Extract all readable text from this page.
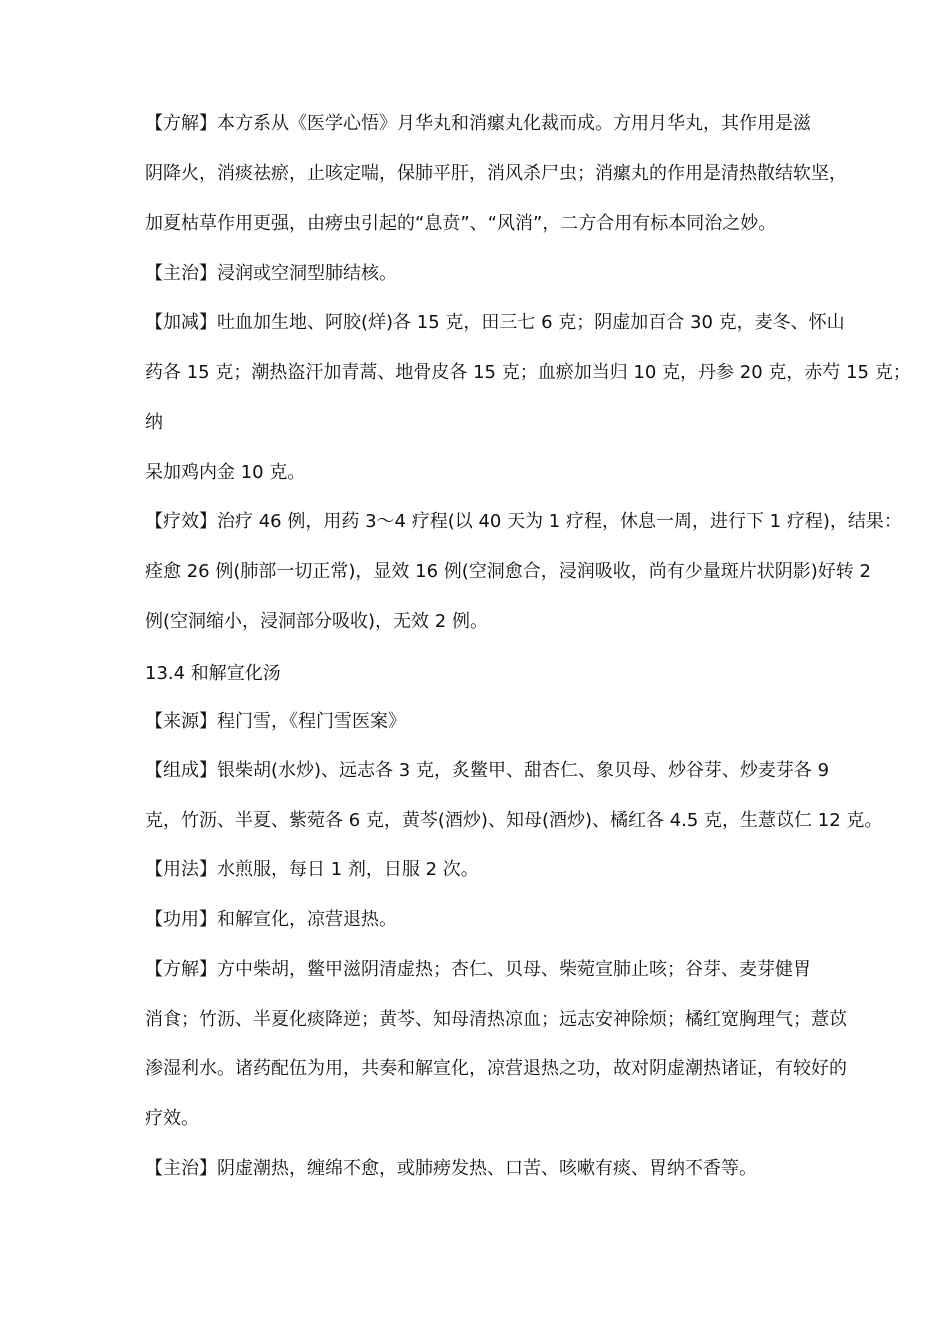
【方解】本方系从《医学心悟》月华丸和消瘰丸化裁而成。方用月华丸，其作用是滋
阴降火，消痰祛瘀，止咳定喘，保肺平肝，消风杀尸虫；消瘰丸的作用是清热散结软坚，
加夏枯草作用更强，由痨虫引起的“息贲”、“风消”，二方合用有标本同治之妙。
【主治】浸润或空洞型肺结核。
【加减】吐血加生地、阿胶(烊)各 15 克，田三七 6 克；阴虚加百合 30 克，麦冬、怀山
药各 15 克；潮热盗汗加青蒿、地骨皮各 15 克；血瘀加当归 10 克，丹参 20 克，赤芍 15 克；
纳
呆加鸡内金 10 克。
【疗效】治疗 46 例，用药 3～4 疗程(以 40 天为 1 疗程，休息一周，进行下 1 疗程)，结果：
痊愈 26 例(肺部一切正常)，显效 16 例(空洞愈合，浸润吸收，尚有少量斑片状阴影)好转 2
例(空洞缩小，浸洞部分吸收)，无效 2 例。
13.4 和解宣化汤
【来源】程门雪，《程门雪医案》
【组成】银柴胡(水炒)、远志各 3 克，炙鳖甲、甜杏仁、象贝母、炒谷芽、炒麦芽各 9
克，竹沥、半夏、紫菀各 6 克，黄芩(酒炒)、知母(酒炒)、橘红各 4.5 克，生薏苡仁 12 克。
【用法】水煎服，每日 1 剂，日服 2 次。
【功用】和解宣化，凉营退热。
【方解】方中柴胡，鳖甲滋阴清虚热；杏仁、贝母、柴菀宣肺止咳；谷芽、麦芽健胃
消食；竹沥、半夏化痰降逆；黄芩、知母清热凉血；远志安神除烦；橘红宽胸理气；薏苡
渗湿利水。诸药配伍为用，共奏和解宣化，凉营退热之功，故对阴虚潮热诸证，有较好的
疗效。
【主治】阴虚潮热，缠绵不愈，或肺痨发热、口苦、咳嗽有痰、胃纳不香等。
